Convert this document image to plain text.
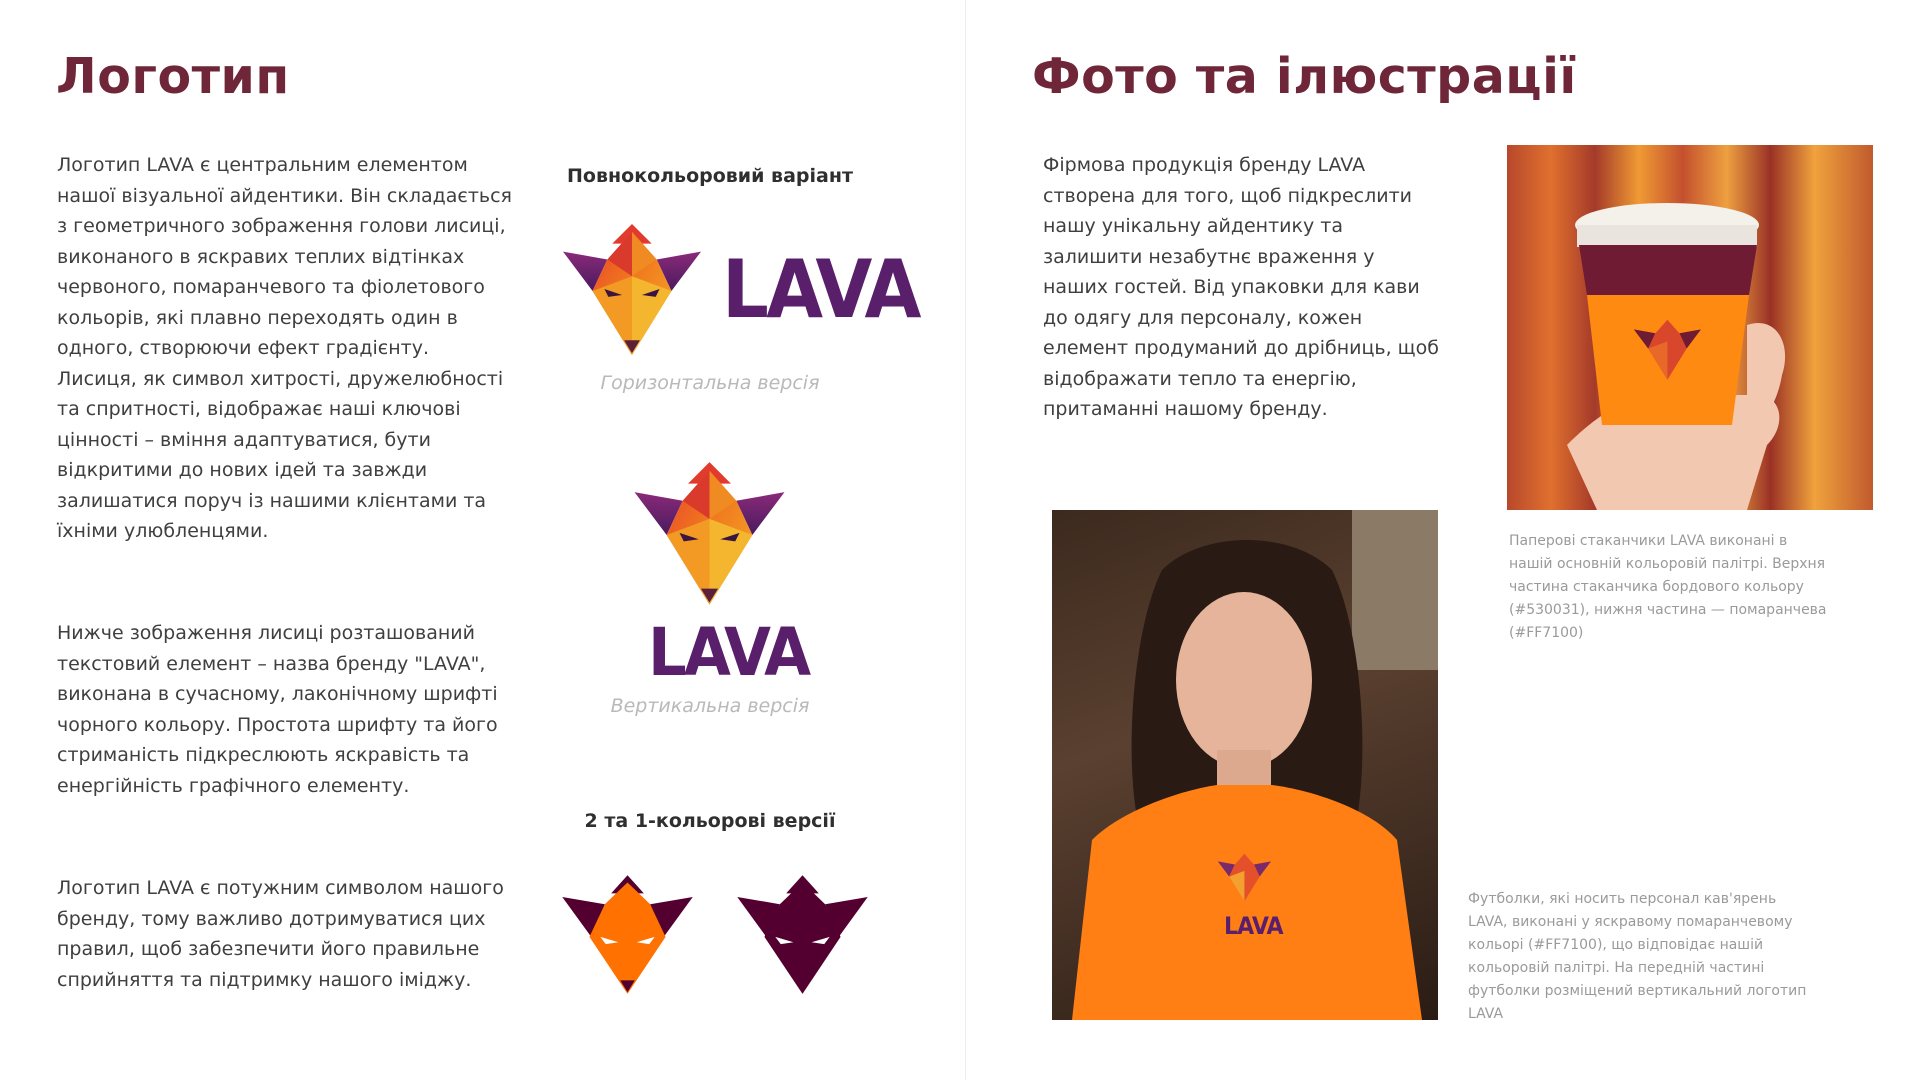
Логотип

Логотип LAVA є центральним елементом нашої візуальної айдентики. Він складається з геометричного зображення голови лисиці, виконаного в яскравих теплих відтінках червоного, помаранчевого та фіолетового кольорів, які плавно переходять один в одного, створюючи ефект градієнту. Лисиця, як символ хитрості, дружелюбності та спритності, відображає наші ключові цінності – вміння адаптуватися, бути відкритими до нових ідей та завжди залишатися поруч із нашими клієнтами та їхніми улюбленцями.

Нижче зображення лисиці розташований текстовий елемент – назва бренду "LAVA", виконана в сучасному, лаконічному шрифті чорного кольору. Простота шрифту та його стриманість підкреслюють яскравість та енергійність графічного елементу.

Логотип LAVA є потужним символом нашого бренду, тому важливо дотримуватися цих правил, щоб забезпечити його правильне сприйняття та підтримку нашого іміджу.

Повнокольоровий варіант
LAVA
Горизонтальна версія
LAVA
Вертикальна версія
2 та 1-кольорові версії
Фото та ілюстрації

Фірмова продукція бренду LAVA створена для того, щоб підкреслити нашу унікальну айдентику та залишити незабутнє враження у наших гостей. Від упаковки для кави до одягу для персоналу, кожен елемент продуманий до дрібниць, щоб відображати тепло та енергію, притаманні нашому бренду.

Паперові стаканчики LAVA виконані в нашій основній кольоровій палітрі. Верхня частина стаканчика бордового кольору (#530031), нижня частина — помаранчева (#FF7100)

LAVA

Футболки, які носить персонал кав'ярень LAVA, виконані у яскравому помаранчевому кольорі (#FF7100), що відповідає нашій кольоровій палітрі. На передній частині футболки розміщений вертикальний логотип LAVA
